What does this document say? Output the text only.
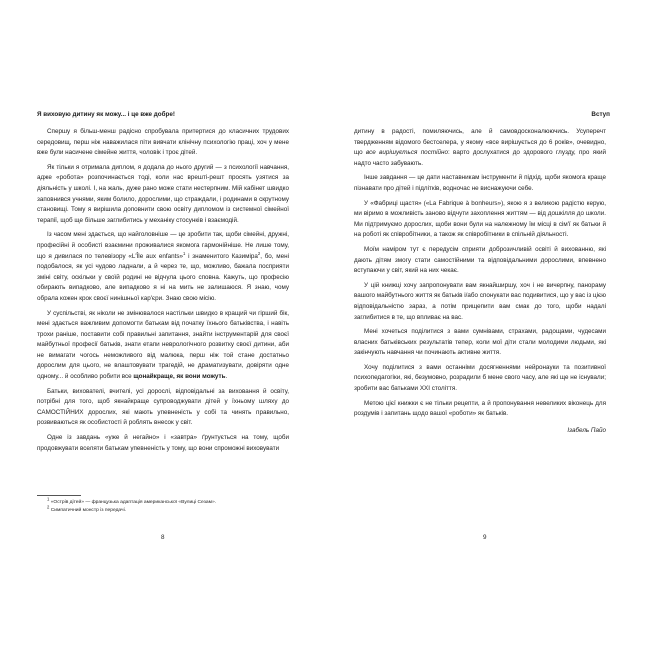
Я виховую дитину як можу... і це вже добре!

Спершу я більш-менш радісно спробувала притертися до класичних трудових середовищ, перш ніж наважилася піти вивчати клінічну психологію праці, хоч у мене вже були насичене сімейне життя, чоловік і троє дітей.

Як тільки я отримала диплом, я додала до нього другий — з психології навчання, адже «робота» розпочинається тоді, коли нас врешті-решт просять узятися за діяльність у школі. І, на жаль, дуже рано може стати нестерпним. Мій кабінет швидко заповнився учнями, яким болило, дорослими, що страждали, і родинами в скрутному становищі. Тому я вирішила доповнити свою освіту дипломом із системної сімейної терапії, щоб ще більше заглибитись у механіку стосунків і взаємодій.

Із часом мені здається, що найголовніше — це зробити так, щоби сімейні, дружні, професійні й особисті взаємини проживалися якомога гармонійніше. Не лише тому, що я дивилася по телевізору «L'Île aux enfants»$^1$ і знаменитого Казиміра$^2$, бо, мені подобалося, як усі чудово ладнали, а й через те, що, можливо, бажала посприяти зміні світу, оскільки у своїй родині не відчула цього сповна. Кажуть, що професію обирають випадково, але випадково я ні на мить не залишаюся. Я знаю, чому обрала кожен крок своєї нинішньої кар'єри. Знаю свою місію.

У суспільстві, як ніколи не змінювалося настільки швидко в кращий чи гірший бік, мені здається важливим допомогти батькам від початку їхнього батьківства, і навіть трохи раніше, поставити собі правильні запитання, знайти інструментарій для своєї майбутньої професії батьків, знати етапи неврологічного розвитку своєї дитини, аби не вимагати чогось неможливого від малюка, перш ніж той стане достатньо дорослим для цього, не влаштовувати трагедій, не драматизувати, довіряти одне одному... й особливо робити все щонайкраще, як вони можуть.

Батьки, вихователі, вчителі, усі дорослі, відповідальні за виховання й освіту, потрібні для того, щоб якнайкраще супроводжувати дітей у їхньому шляху до САМОСТІЙНИХ дорослих, які мають упевненість у собі та чинять правильно, розвиваються як особистості й роблять внесок у світ.

Одне із завдань «уже й негайно» і «завтра» ґрунтується на тому, щоби продовжувати вселяти батькам упевненість у тому, що вони спроможні виховувати

$^1$ «Острів дітей» — французька адаптація американської «Вулиці Сезам».

$^2$ Симпатичний монстр із передачі.

8
Вступ

дитину в радості, помиляючись, але й самовдосконалюючись. Усуперечт твердженням відомого бестселера, у якому «все вирішується до 6 років», очевидно, що все вирішується постійно: варто дослухатися до здорового глузду, про який надто часто забувають.

Інше завдання — це дати наставникам інструменти й підхід, щоби якомога краще пізнавати про дітей і підлітків, водночас не виснажуючи себе.

У «Фабриці щастя» («La Fabrique à bonheurs»), якою я з великою радістю керую, ми віримо в можливість заново відчути захоплення життям — від дошкілля до школи. Ми підтримуємо дорослих, щоби вони були на належному їм місці в сім'ї як батьки й на роботі як співробітники, а також як співробітники в спільній діяльності.

Моїм наміром тут є передусім сприяти доброзичливій освіті й вихованню, які дають дітям змогу стати самостійними та відповідальними дорослими, впевнено вступаючи у світ, який на них чекає.

У цій книжці хочу запропонувати вам якнайширшу, хоч і не вичерпну, панораму вашого майбутнього життя як батьків і/або спонукати вас подивитися, що у вас із цією відповідальністю зараз, а потім прищепити вам смак до того, щоби надалі заглибитися в те, що впливає на вас.

Мені хочеться поділитися з вами сумнівами, страхами, радощами, чудесами власних батьківських результатів тепер, коли мої діти стали молодими людьми, які закінчують навчання чи починають активне життя.

Хочу поділитися з вами останніми досягненнями нейронауки та позитивної психопедагогіки, які, безумовно, розрадили б мене свого часу, але які ще не існували; зробити вас батьками XXI століття.

Метою цієї книжки є не тільки рецепти, а й пропонування невеликих віконець для роздумів і запитань щодо вашої «роботи» як батьків.

Ізабель Пайо

9
